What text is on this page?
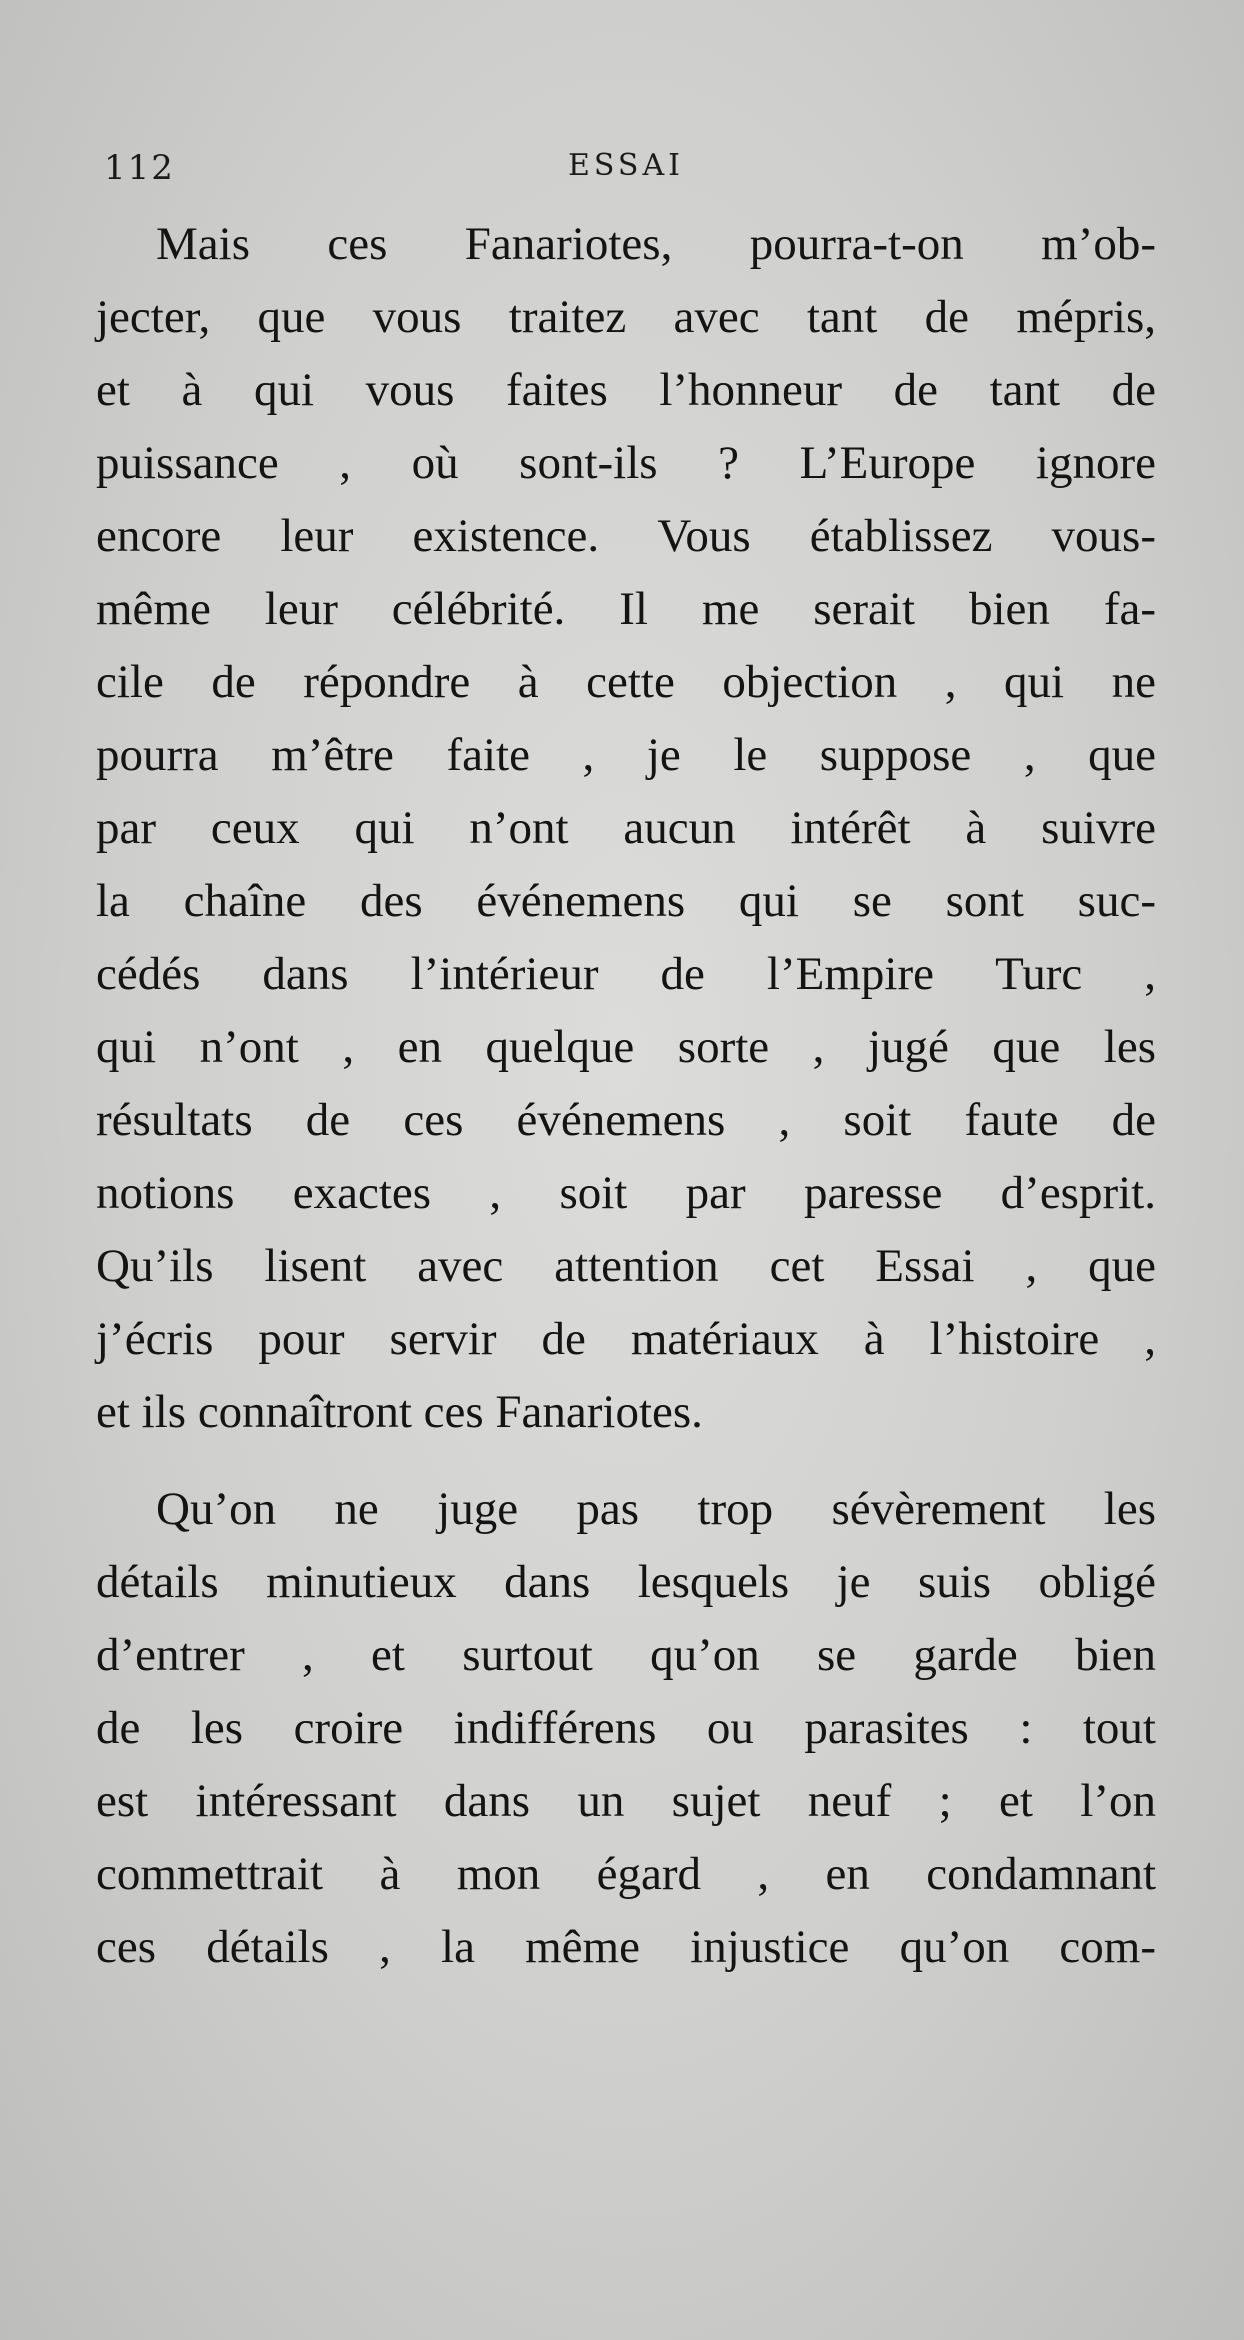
112	ESSAI

Mais ces Fanariotes, pourra-t-on m’ob-
jecter, que vous traitez avec tant de mépris,
et à qui vous faites l’honneur de tant de
puissance , où sont-ils ? L’Europe ignore
encore leur existence. Vous établissez vous-
même leur célébrité. Il me serait bien fa-
cile de répondre à cette objection , qui ne
pourra m’être faite , je le suppose , que
par ceux qui n’ont aucun intérêt à suivre
la chaîne des événemens qui se sont suc-
cédés dans l’intérieur de l’Empire Turc ,
qui n’ont , en quelque sorte , jugé que les
résultats de ces événemens , soit faute de
notions exactes , soit par paresse d’esprit.
Qu’ils lisent avec attention cet Essai , que
j’écris pour servir de matériaux à l’histoire ,
et ils connaîtront ces Fanariotes.

Qu’on ne juge pas trop sévèrement les
détails minutieux dans lesquels je suis obligé
d’entrer , et surtout qu’on se garde bien
de les croire indifférens ou parasites : tout
est intéressant dans un sujet neuf ; et l’on
commettrait à mon égard , en condamnant
ces détails , la même injustice qu’on com-
